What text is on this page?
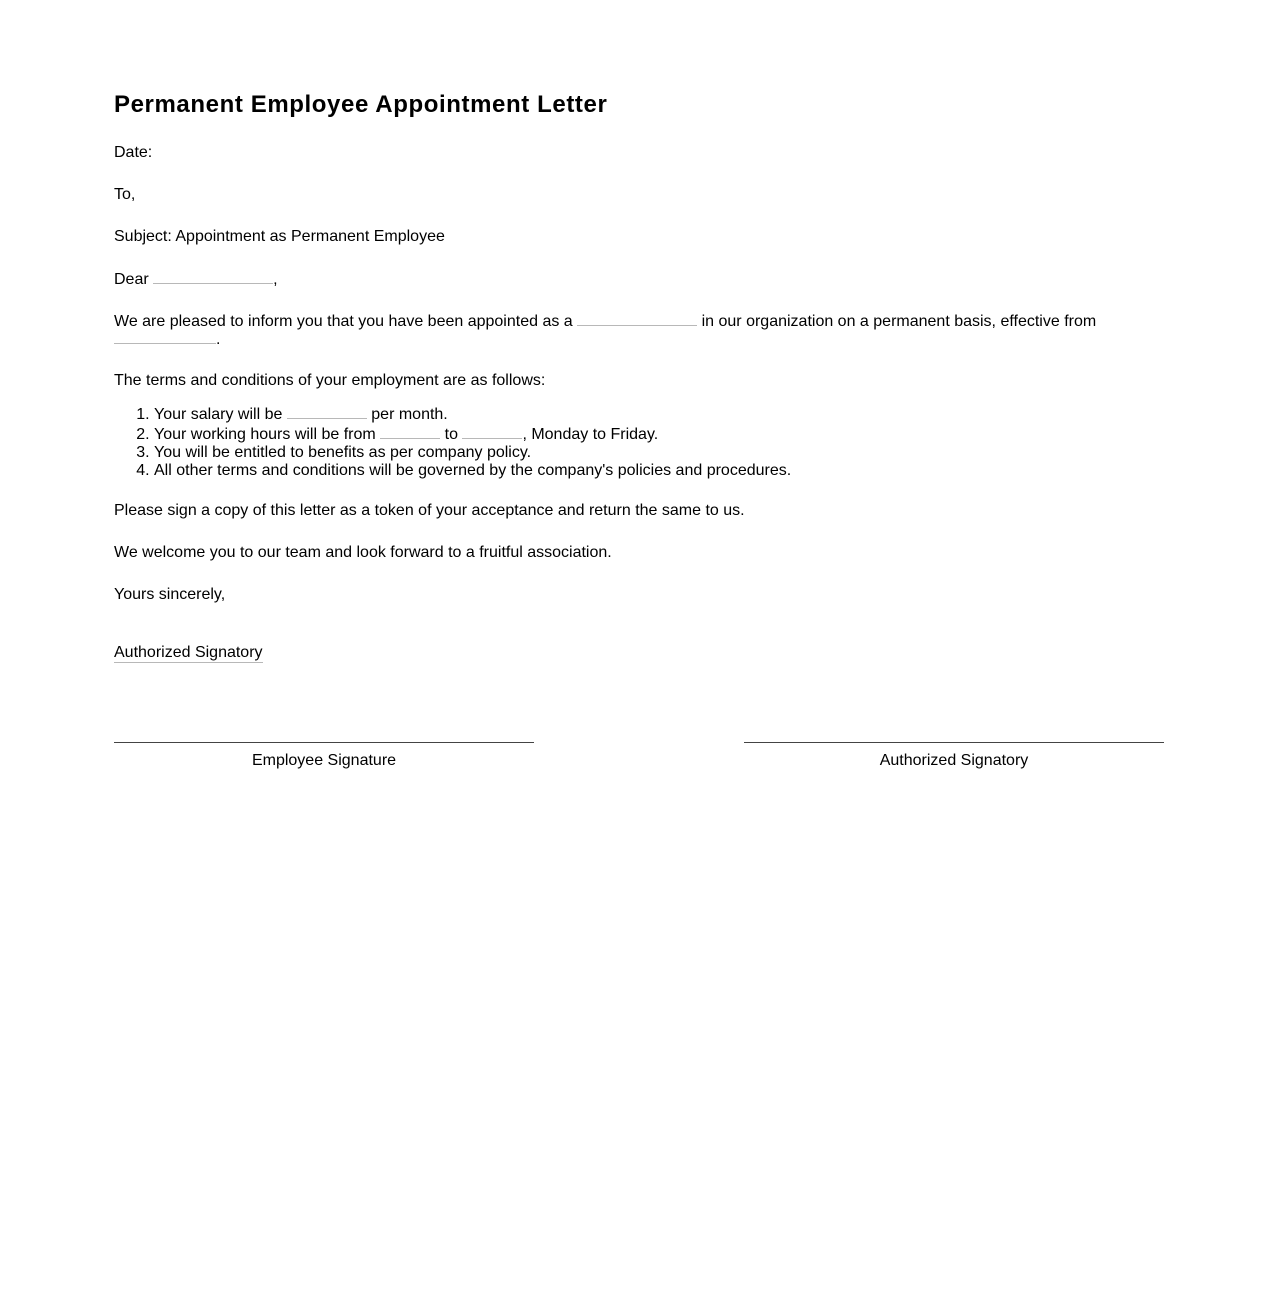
Permanent Employee Appointment Letter

Date:

To,

Subject: Appointment as Permanent Employee

Dear	,

We are pleased to inform you that you have been appointed as a	in our organization on a permanent basis, effective from

.

The terms and conditions of your employment are as follows:

1. Your salary will be	per month.
2. Your working hours will be from	to	, Monday to Friday.
3. You will be entitled to benefits as per company policy.
4. All other terms and conditions will be governed by the company's policies and procedures.

Please sign a copy of this letter as a token of your acceptance and return the same to us.

We welcome you to our team and look forward to a fruitful association.

Yours sincerely,

Authorized Signatory

Employee Signature	Authorized Signatory
